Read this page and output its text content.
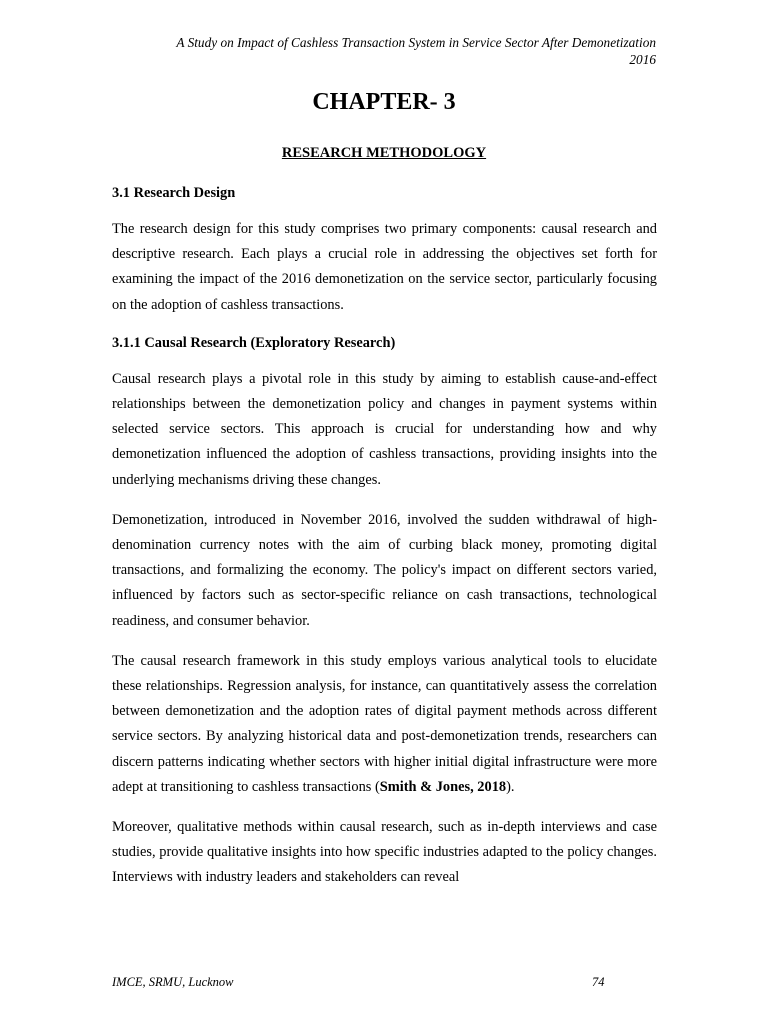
A Study on Impact of Cashless Transaction System in Service Sector After Demonetization
2016
CHAPTER- 3
RESEARCH METHODOLOGY
3.1 Research Design

The research design for this study comprises two primary components: causal research and descriptive research. Each plays a crucial role in addressing the objectives set forth for examining the impact of the 2016 demonetization on the service sector, particularly focusing on the adoption of cashless transactions.

3.1.1 Causal Research (Exploratory Research)

Causal research plays a pivotal role in this study by aiming to establish cause-and-effect relationships between the demonetization policy and changes in payment systems within selected service sectors. This approach is crucial for understanding how and why demonetization influenced the adoption of cashless transactions, providing insights into the underlying mechanisms driving these changes.

Demonetization, introduced in November 2016, involved the sudden withdrawal of high-denomination currency notes with the aim of curbing black money, promoting digital transactions, and formalizing the economy. The policy's impact on different sectors varied, influenced by factors such as sector-specific reliance on cash transactions, technological readiness, and consumer behavior.

The causal research framework in this study employs various analytical tools to elucidate these relationships. Regression analysis, for instance, can quantitatively assess the correlation between demonetization and the adoption rates of digital payment methods across different service sectors. By analyzing historical data and post-demonetization trends, researchers can discern patterns indicating whether sectors with higher initial digital infrastructure were more adept at transitioning to cashless transactions (Smith & Jones, 2018).

Moreover, qualitative methods within causal research, such as in-depth interviews and case studies, provide qualitative insights into how specific industries adapted to the policy changes. Interviews with industry leaders and stakeholders can reveal

IMCE, SRMU, Lucknow	74
